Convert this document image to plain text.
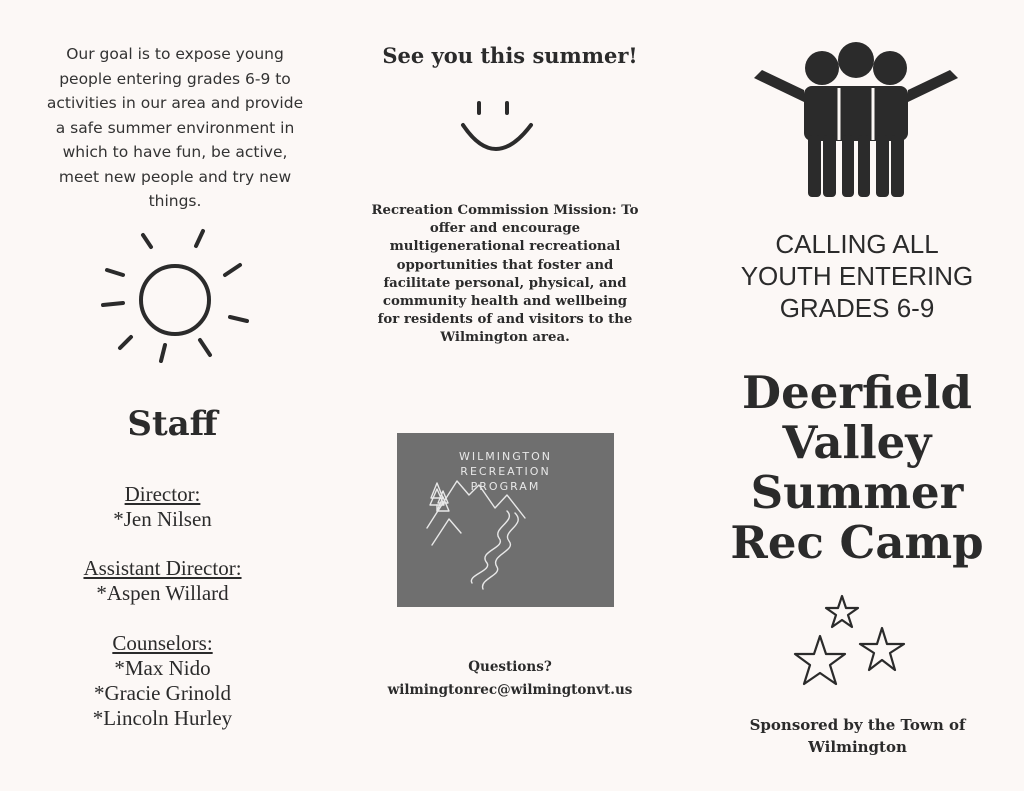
Our goal is to expose young people entering grades 6-9 to activities in our area and provide a safe summer environment in which to have fun, be active, meet new people and try new things.
Staff
Director:
*Jen Nilsen
Assistant Director:
*Aspen Willard
Counselors:
*Max Nido
*Gracie Grinold
*Lincoln Hurley
See you this summer!
Recreation Commission Mission: To offer and encourage multigenerational recreational opportunities that foster and facilitate personal, physical, and community health and wellbeing for residents of and visitors to the Wilmington area.
WILMINGTON
RECREATION
PROGRAM
Questions?
wilmingtonrec@wilmingtonvt.us
CALLING ALL
YOUTH ENTERING
GRADES 6-9
Deerfield
Valley
Summer
Rec Camp
Sponsored by the Town of Wilmington
